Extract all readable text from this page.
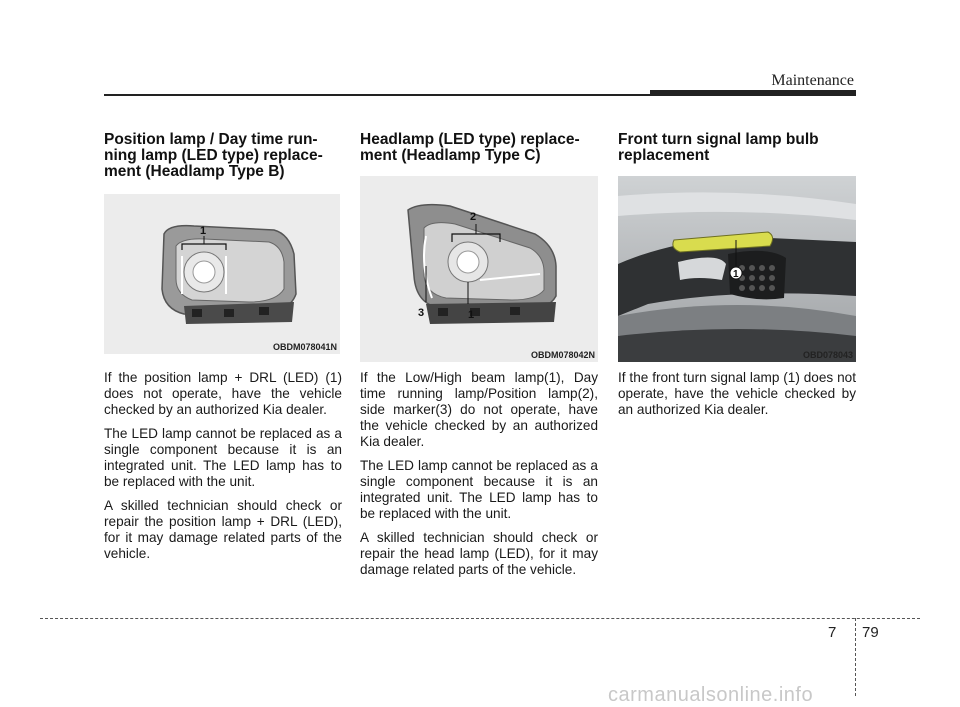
Maintenance
Position lamp / Day time run-
ning lamp (LED type) replace-
ment (Headlamp Type B)
1
OBDM078041N

If the position lamp + DRL (LED) (1) does not operate, have the vehicle checked by an authorized Kia dealer.

The LED lamp cannot be replaced as a single component because it is an integrated unit. The LED lamp has to be replaced with the unit.

A skilled technician should check or repair the position lamp + DRL (LED), for it may damage related parts of the vehicle.

Headlamp (LED type) replace-
ment (Headlamp Type C)
2
3	1
OBDM078042N

If the Low/High beam lamp(1), Day time running lamp/Position lamp(2), side marker(3) do not operate, have the vehicle checked by an authorized Kia dealer.

The LED lamp cannot be replaced as a single component because it is an integrated unit. The LED lamp has to be replaced with the unit.

A skilled technician should check or repair the head lamp (LED), for it may damage related parts of the vehicle.

Front turn signal lamp bulb
replacement
1
OBD078043

If the front turn signal lamp (1) does not operate, have the vehicle checked by an authorized Kia dealer.

7 79
carmanualsonline.info
